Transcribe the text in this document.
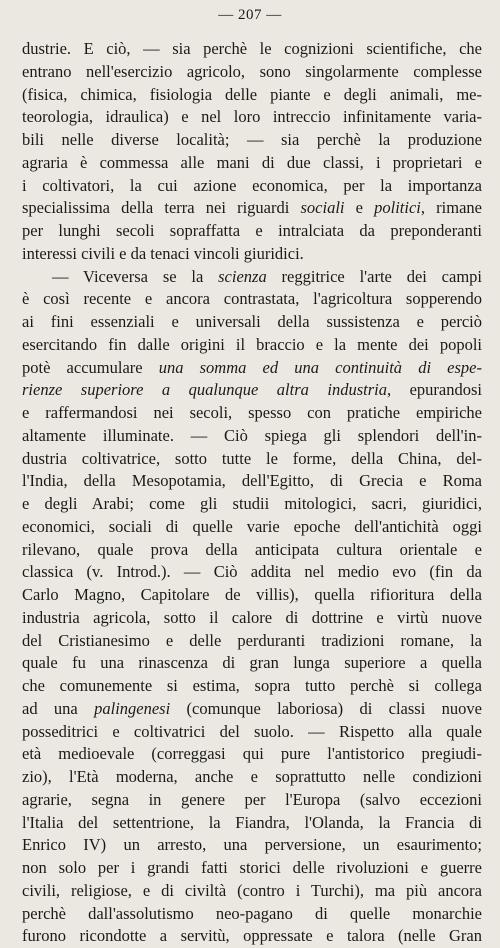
— 207 —
dustrie. E ciò, — sia perchè le cognizioni scientifiche, che
entrano nell'esercizio agricolo, sono singolarmente complesse
(fisica, chimica, fisiologia delle piante e degli animali, me-
teorologia, idraulica) e nel loro intreccio infinitamente varia-
bili nelle diverse località; — sia perchè la produzione
agraria è commessa alle mani di due classi, i proprietari e
i coltivatori, la cui azione economica, per la importanza
specialissima della terra nei riguardi sociali e politici, rimane
per lunghi secoli sopraffatta e intralciata da preponderanti
interessi civili e da tenaci vincoli giuridici.
— Viceversa se la scienza reggitrice l'arte dei campi
è così recente e ancora contrastata, l'agricoltura sopperendo
ai fini essenziali e universali della sussistenza e perciò
esercitando fin dalle origini il braccio e la mente dei popoli
potè accumulare una somma ed una continuità di espe-
rienze superiore a qualunque altra industria, epurandosi
e raffermandosi nei secoli, spesso con pratiche empiriche
altamente illuminate. — Ciò spiega gli splendori dell'in-
dustria coltivatrice, sotto tutte le forme, della China, del-
l'India, della Mesopotamia, dell'Egitto, di Grecia e Roma
e degli Arabi; come gli studii mitologici, sacri, giuridici,
economici, sociali di quelle varie epoche dell'antichità oggi
rilevano, quale prova della anticipata cultura orientale e
classica (v. Introd.). — Ciò addita nel medio evo (fin da
Carlo Magno, Capitolare de villis), quella rifioritura della
industria agricola, sotto il calore di dottrine e virtù nuove
del Cristianesimo e delle perduranti tradizioni romane, la
quale fu una rinascenza di gran lunga superiore a quella
che comunemente si estima, sopra tutto perchè si collega
ad una palingenesi (comunque laboriosa) di classi nuove
posseditrici e coltivatrici del suolo. — Rispetto alla quale
età medioevale (correggasi qui pure l'antistorico pregiudi-
zio), l'Età moderna, anche e soprattutto nelle condizioni
agrarie, segna in genere per l'Europa (salvo eccezioni
l'Italia del settentrione, la Fiandra, l'Olanda, la Francia di
Enrico IV) un arresto, una perversione, un esaurimento;
non solo per i grandi fatti storici delle rivoluzioni e guerre
civili, religiose, e di civiltà (contro i Turchi), ma più ancora
perchè dall'assolutismo neo-pagano di quelle monarchie
furono ricondotte a servitù, oppressate e talora (nelle Gran
